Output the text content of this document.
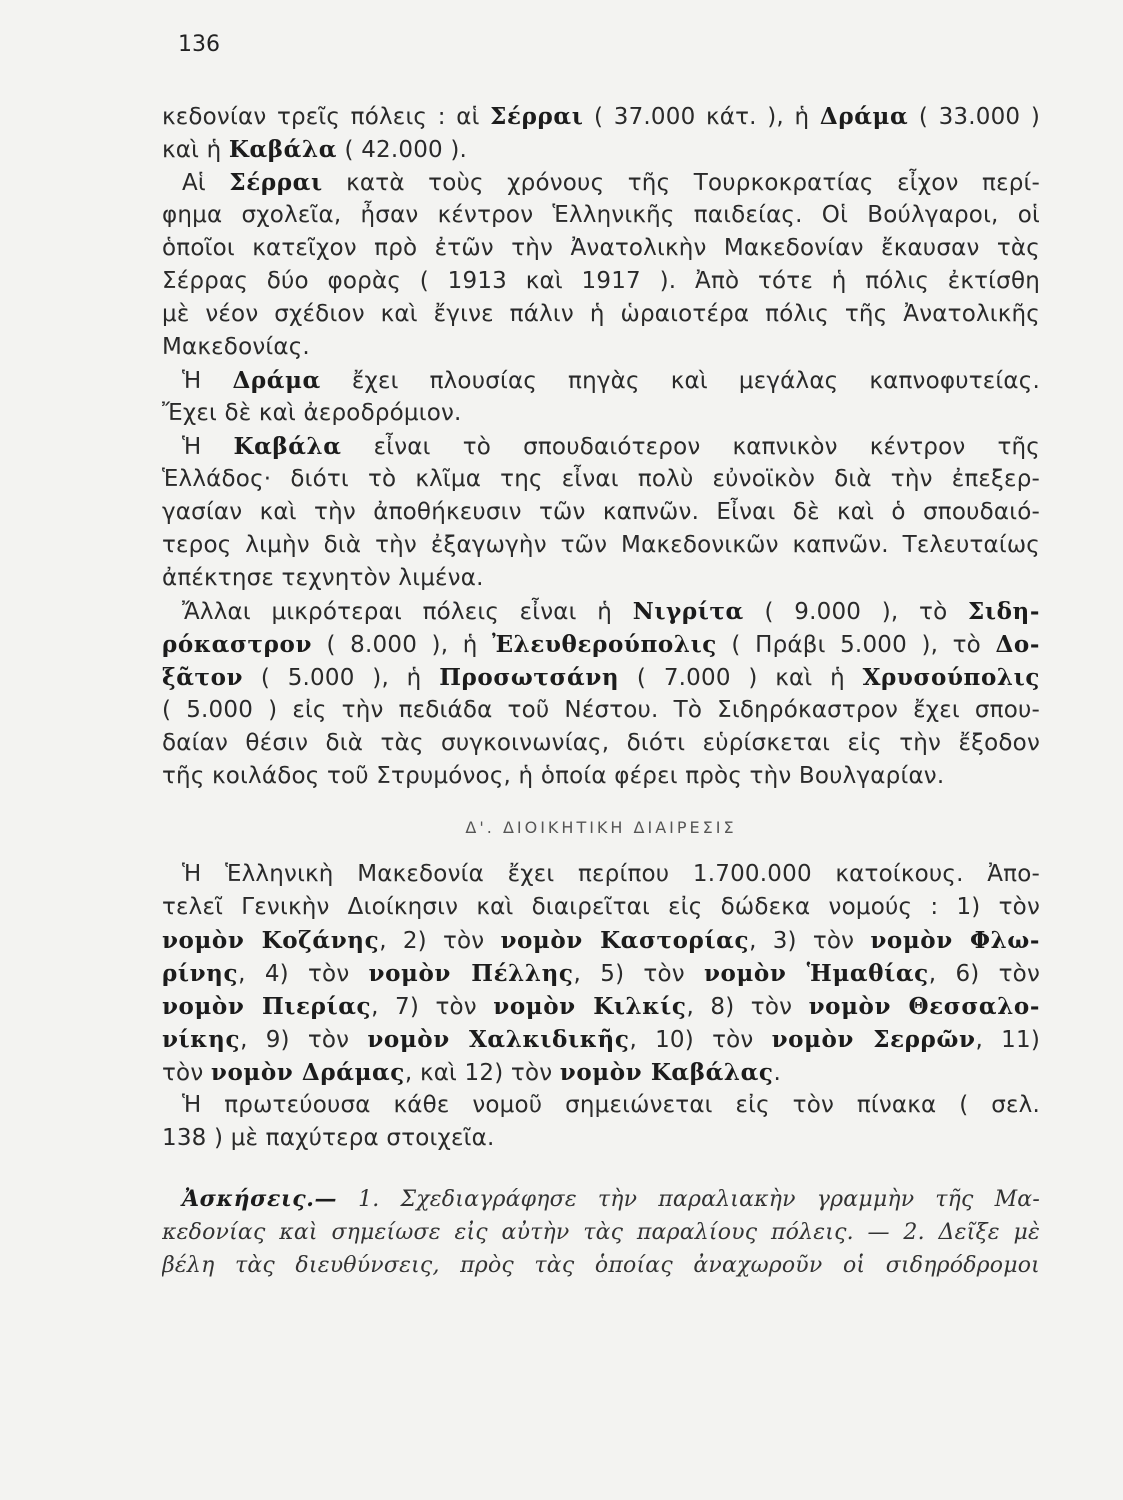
136
κεδονίαν τρεῖς πόλεις : αἱ Σέρραι ( 37.000 κάτ. ), ἡ Δράμα ( 33.000 )
καὶ ἡ Καβάλα ( 42.000 ).
Αἱ Σέρραι κατὰ τοὺς χρόνους τῆς Τουρκοκρατίας εἶχον περί-
φημα σχολεῖα, ἦσαν κέντρον Ἑλληνικῆς παιδείας. Οἱ Βούλγαροι, οἱ
ὁποῖοι κατεῖχον πρὸ ἐτῶν τὴν Ἀνατολικὴν Μακεδονίαν ἔκαυσαν τὰς
Σέρρας δύο φορὰς ( 1913 καὶ 1917 ). Ἀπὸ τότε ἡ πόλις ἐκτίσθη
μὲ νέον σχέδιον καὶ ἔγινε πάλιν ἡ ὡραιοτέρα πόλις τῆς Ἀνατολικῆς
Μακεδονίας.
Ἡ Δράμα ἔχει πλουσίας πηγὰς καὶ μεγάλας καπνοφυτείας.
Ἔχει δὲ καὶ ἀεροδρόμιον.
Ἡ Καβάλα εἶναι τὸ σπουδαιότερον καπνικὸν κέντρον τῆς
Ἑλλάδος· διότι τὸ κλῖμα της εἶναι πολὺ εὐνοϊκὸν διὰ τὴν ἐπεξερ-
γασίαν καὶ τὴν ἀποθήκευσιν τῶν καπνῶν. Εἶναι δὲ καὶ ὁ σπουδαιό-
τερος λιμὴν διὰ τὴν ἐξαγωγὴν τῶν Μακεδονικῶν καπνῶν. Τελευταίως
ἀπέκτησε τεχνητὸν λιμένα.
Ἄλλαι μικρότεραι πόλεις εἶναι ἡ Νιγρίτα ( 9.000 ), τὸ Σιδη-
ρόκαστρον ( 8.000 ), ἡ Ἐλευθερούπολις ( Πράβι 5.000 ), τὸ Δο-
ξᾶτον ( 5.000 ), ἡ Προσωτσάνη ( 7.000 ) καὶ ἡ Χρυσούπολις
( 5.000 ) εἰς τὴν πεδιάδα τοῦ Νέστου. Τὸ Σιδηρόκαστρον ἔχει σπου-
δαίαν θέσιν διὰ τὰς συγκοινωνίας, διότι εὑρίσκεται εἰς τὴν ἔξοδον
τῆς κοιλάδος τοῦ Στρυμόνος, ἡ ὁποία φέρει πρὸς τὴν Βουλγαρίαν.
Δ'. ΔΙΟΙΚΗΤΙΚΗ ΔΙΑΙΡΕΣΙΣ
Ἡ Ἑλληνικὴ Μακεδονία ἔχει περίπου 1.700.000 κατοίκους. Ἀπο-
τελεῖ Γενικὴν Διοίκησιν καὶ διαιρεῖται εἰς δώδεκα νομούς : 1) τὸν
νομὸν Κοζάνης, 2) τὸν νομὸν Καστορίας, 3) τὸν νομὸν Φλω-
ρίνης, 4) τὸν νομὸν Πέλλης, 5) τὸν νομὸν Ἡμαθίας, 6) τὸν
νομὸν Πιερίας, 7) τὸν νομὸν Κιλκίς, 8) τὸν νομὸν Θεσσαλο-
νίκης, 9) τὸν νομὸν Χαλκιδικῆς, 10) τὸν νομὸν Σερρῶν, 11)
τὸν νομὸν Δράμας, καὶ 12) τὸν νομὸν Καβάλας.
Ἡ πρωτεύουσα κάθε νομοῦ σημειώνεται εἰς τὸν πίνακα ( σελ.
138 ) μὲ παχύτερα στοιχεῖα.
Ἀσκήσεις.— 1. Σχεδιαγράφησε τὴν παραλιακὴν γραμμὴν τῆς Μα-
κεδονίας καὶ σημείωσε εἰς αὐτὴν τὰς παραλίους πόλεις. — 2. Δεῖξε μὲ
βέλη τὰς διευθύνσεις, πρὸς τὰς ὁποίας ἀναχωροῦν οἱ σιδηρόδρομοι
